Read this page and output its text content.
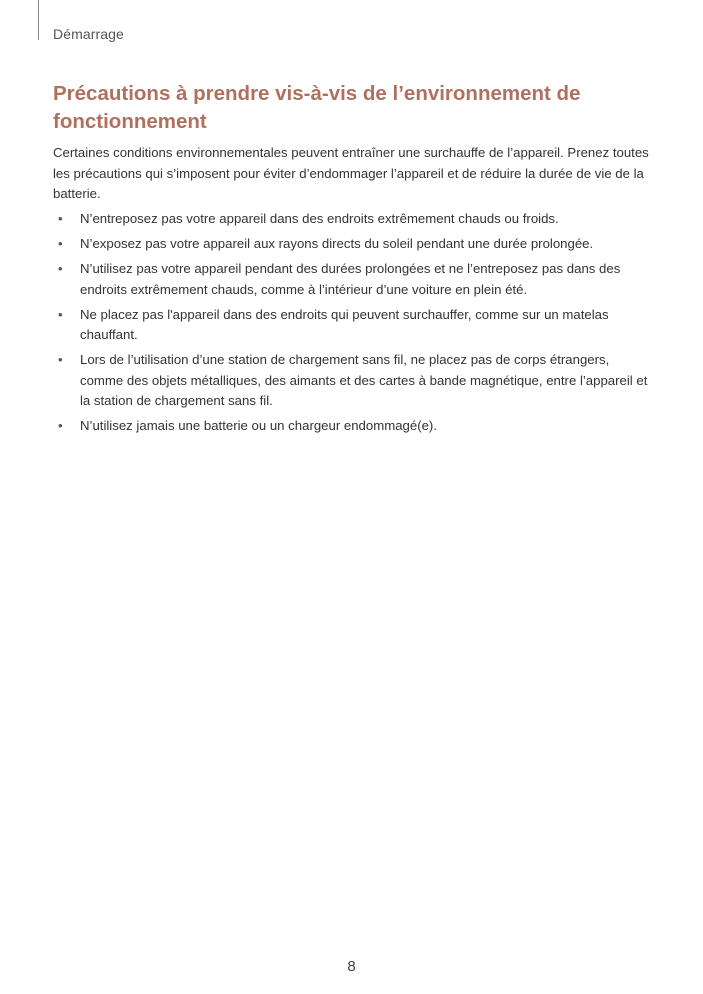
Démarrage
Précautions à prendre vis-à-vis de l’environnement de fonctionnement

Certaines conditions environnementales peuvent entraîner une surchauffe de l’appareil. Prenez toutes les précautions qui s’imposent pour éviter d’endommager l’appareil et de réduire la durée de vie de la batterie.

• N’entreposez pas votre appareil dans des endroits extrêmement chauds ou froids.
• N’exposez pas votre appareil aux rayons directs du soleil pendant une durée prolongée.
• N’utilisez pas votre appareil pendant des durées prolongées et ne l’entreposez pas dans des endroits extrêmement chauds, comme à l’intérieur d’une voiture en plein été.
• Ne placez pas l'appareil dans des endroits qui peuvent surchauffer, comme sur un matelas chauffant.
• Lors de l’utilisation d’une station de chargement sans fil, ne placez pas de corps étrangers, comme des objets métalliques, des aimants et des cartes à bande magnétique, entre l’appareil et la station de chargement sans fil.
• N’utilisez jamais une batterie ou un chargeur endommagé(e).
8
